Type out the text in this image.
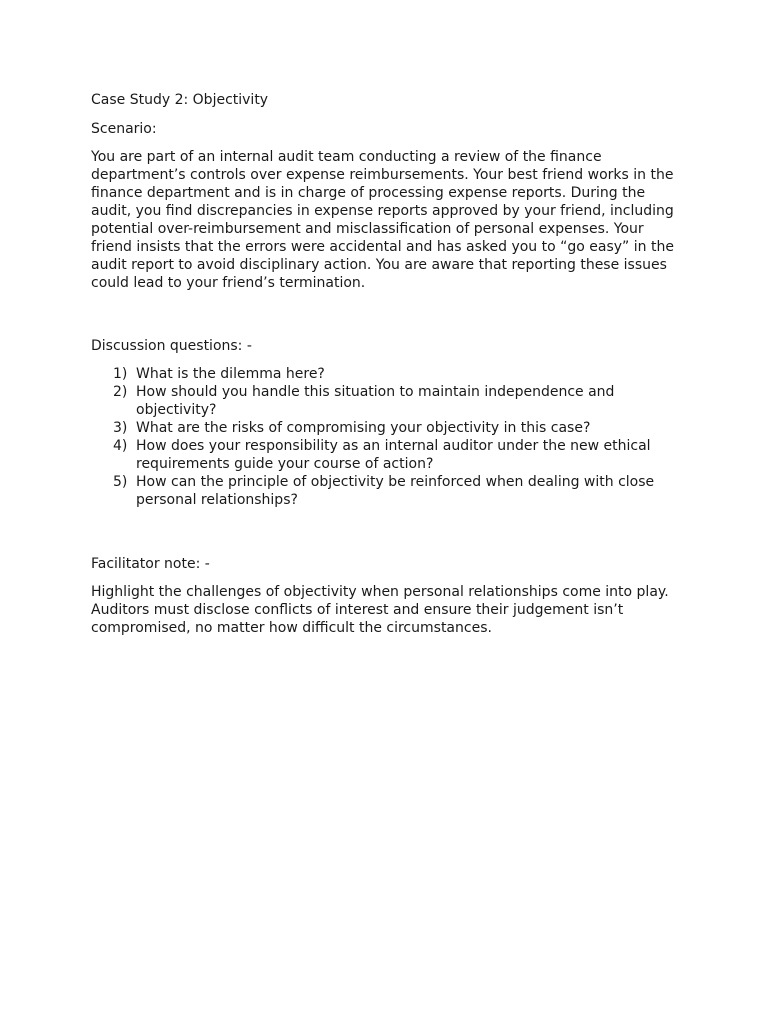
Case Study 2: Objectivity

Scenario:

You are part of an internal audit team conducting a review of the finance department’s controls over expense reimbursements. Your best friend works in the finance department and is in charge of processing expense reports. During the audit, you find discrepancies in expense reports approved by your friend, including potential over-reimbursement and misclassification of personal expenses. Your friend insists that the errors were accidental and has asked you to “go easy” in the audit report to avoid disciplinary action. You are aware that reporting these issues could lead to your friend’s termination.

Discussion questions: -

1) What is the dilemma here?
2) How should you handle this situation to maintain independence and objectivity?
3) What are the risks of compromising your objectivity in this case?
4) How does your responsibility as an internal auditor under the new ethical requirements guide your course of action?
5) How can the principle of objectivity be reinforced when dealing with close personal relationships?

Facilitator note: -

Highlight the challenges of objectivity when personal relationships come into play. Auditors must disclose conflicts of interest and ensure their judgement isn’t compromised, no matter how difficult the circumstances.
